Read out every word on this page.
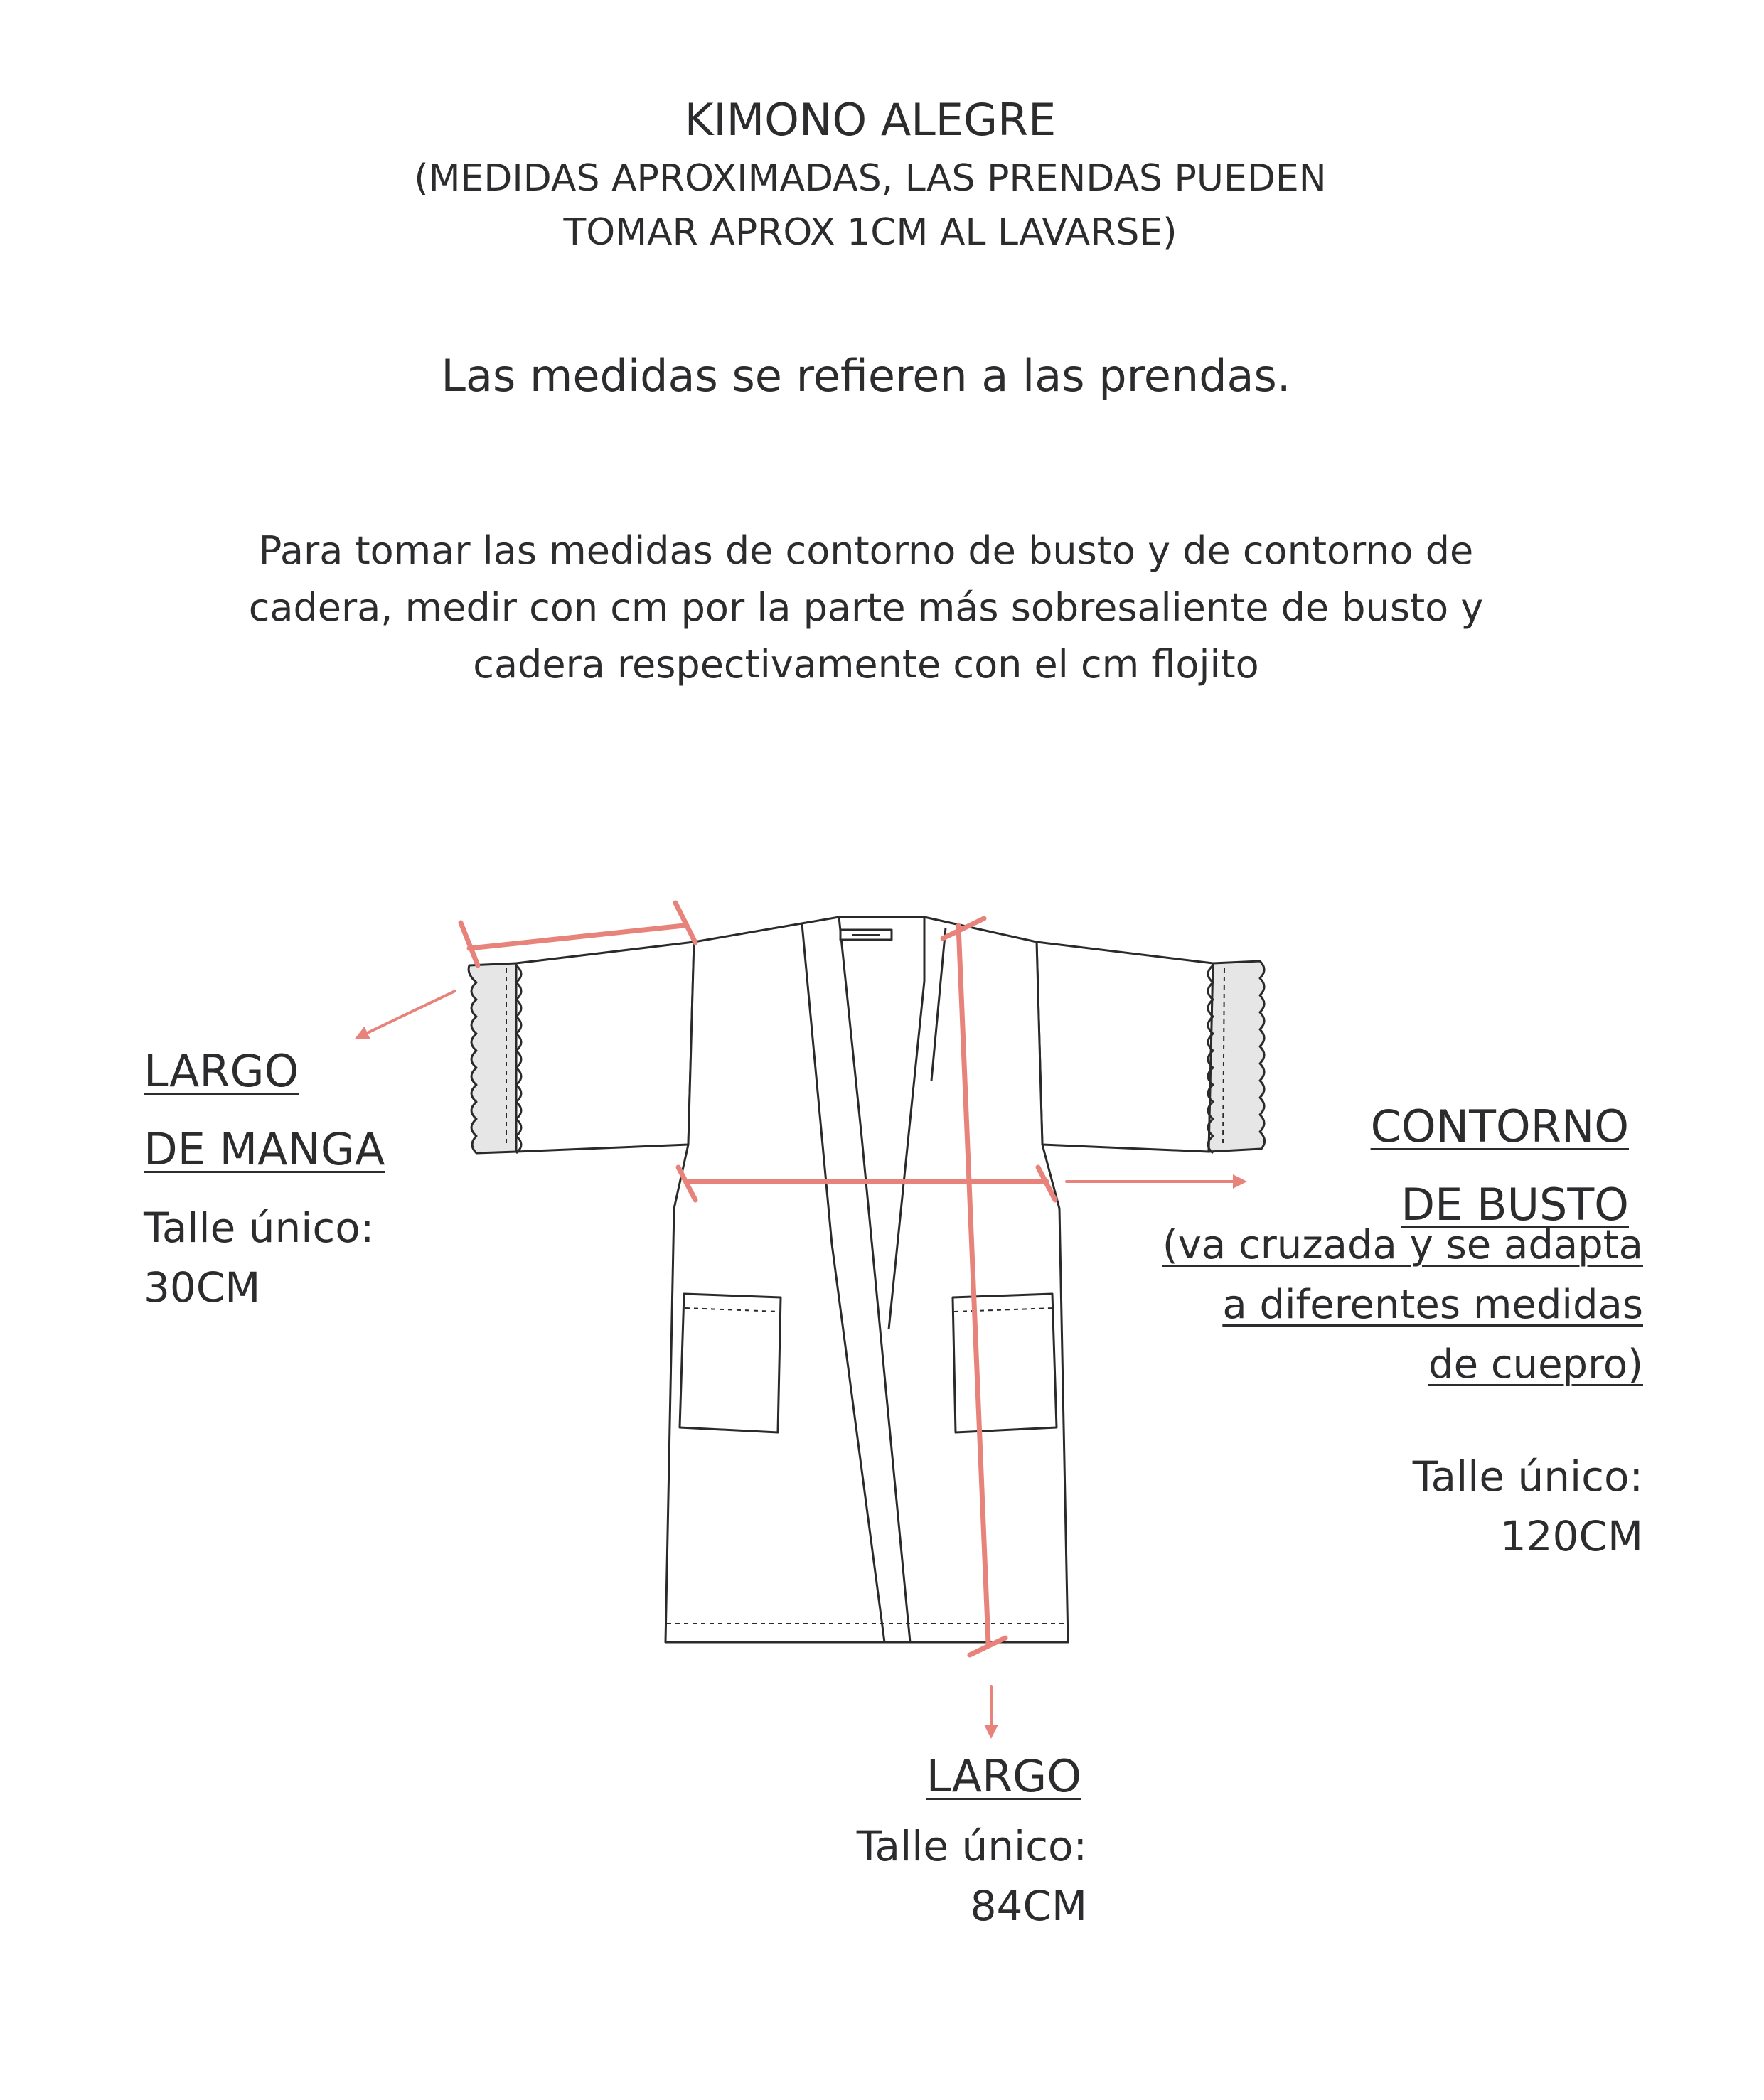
KIMONO ALEGRE
(MEDIDAS APROXIMADAS, LAS PRENDAS PUEDEN
TOMAR APROX 1CM AL LAVARSE)
Las medidas se refieren a las prendas.
Para tomar las medidas de contorno de busto y de contorno de
cadera, medir con cm por la parte más sobresaliente de busto y
cadera respectivamente con el cm flojito
LARGO
DE MANGA
Talle único:
30CM
CONTORNO
DE BUSTO
(va cruzada y se adapta
a diferentes medidas
de cuepro)
Talle único:
120CM
LARGO
Talle único:
84CM
